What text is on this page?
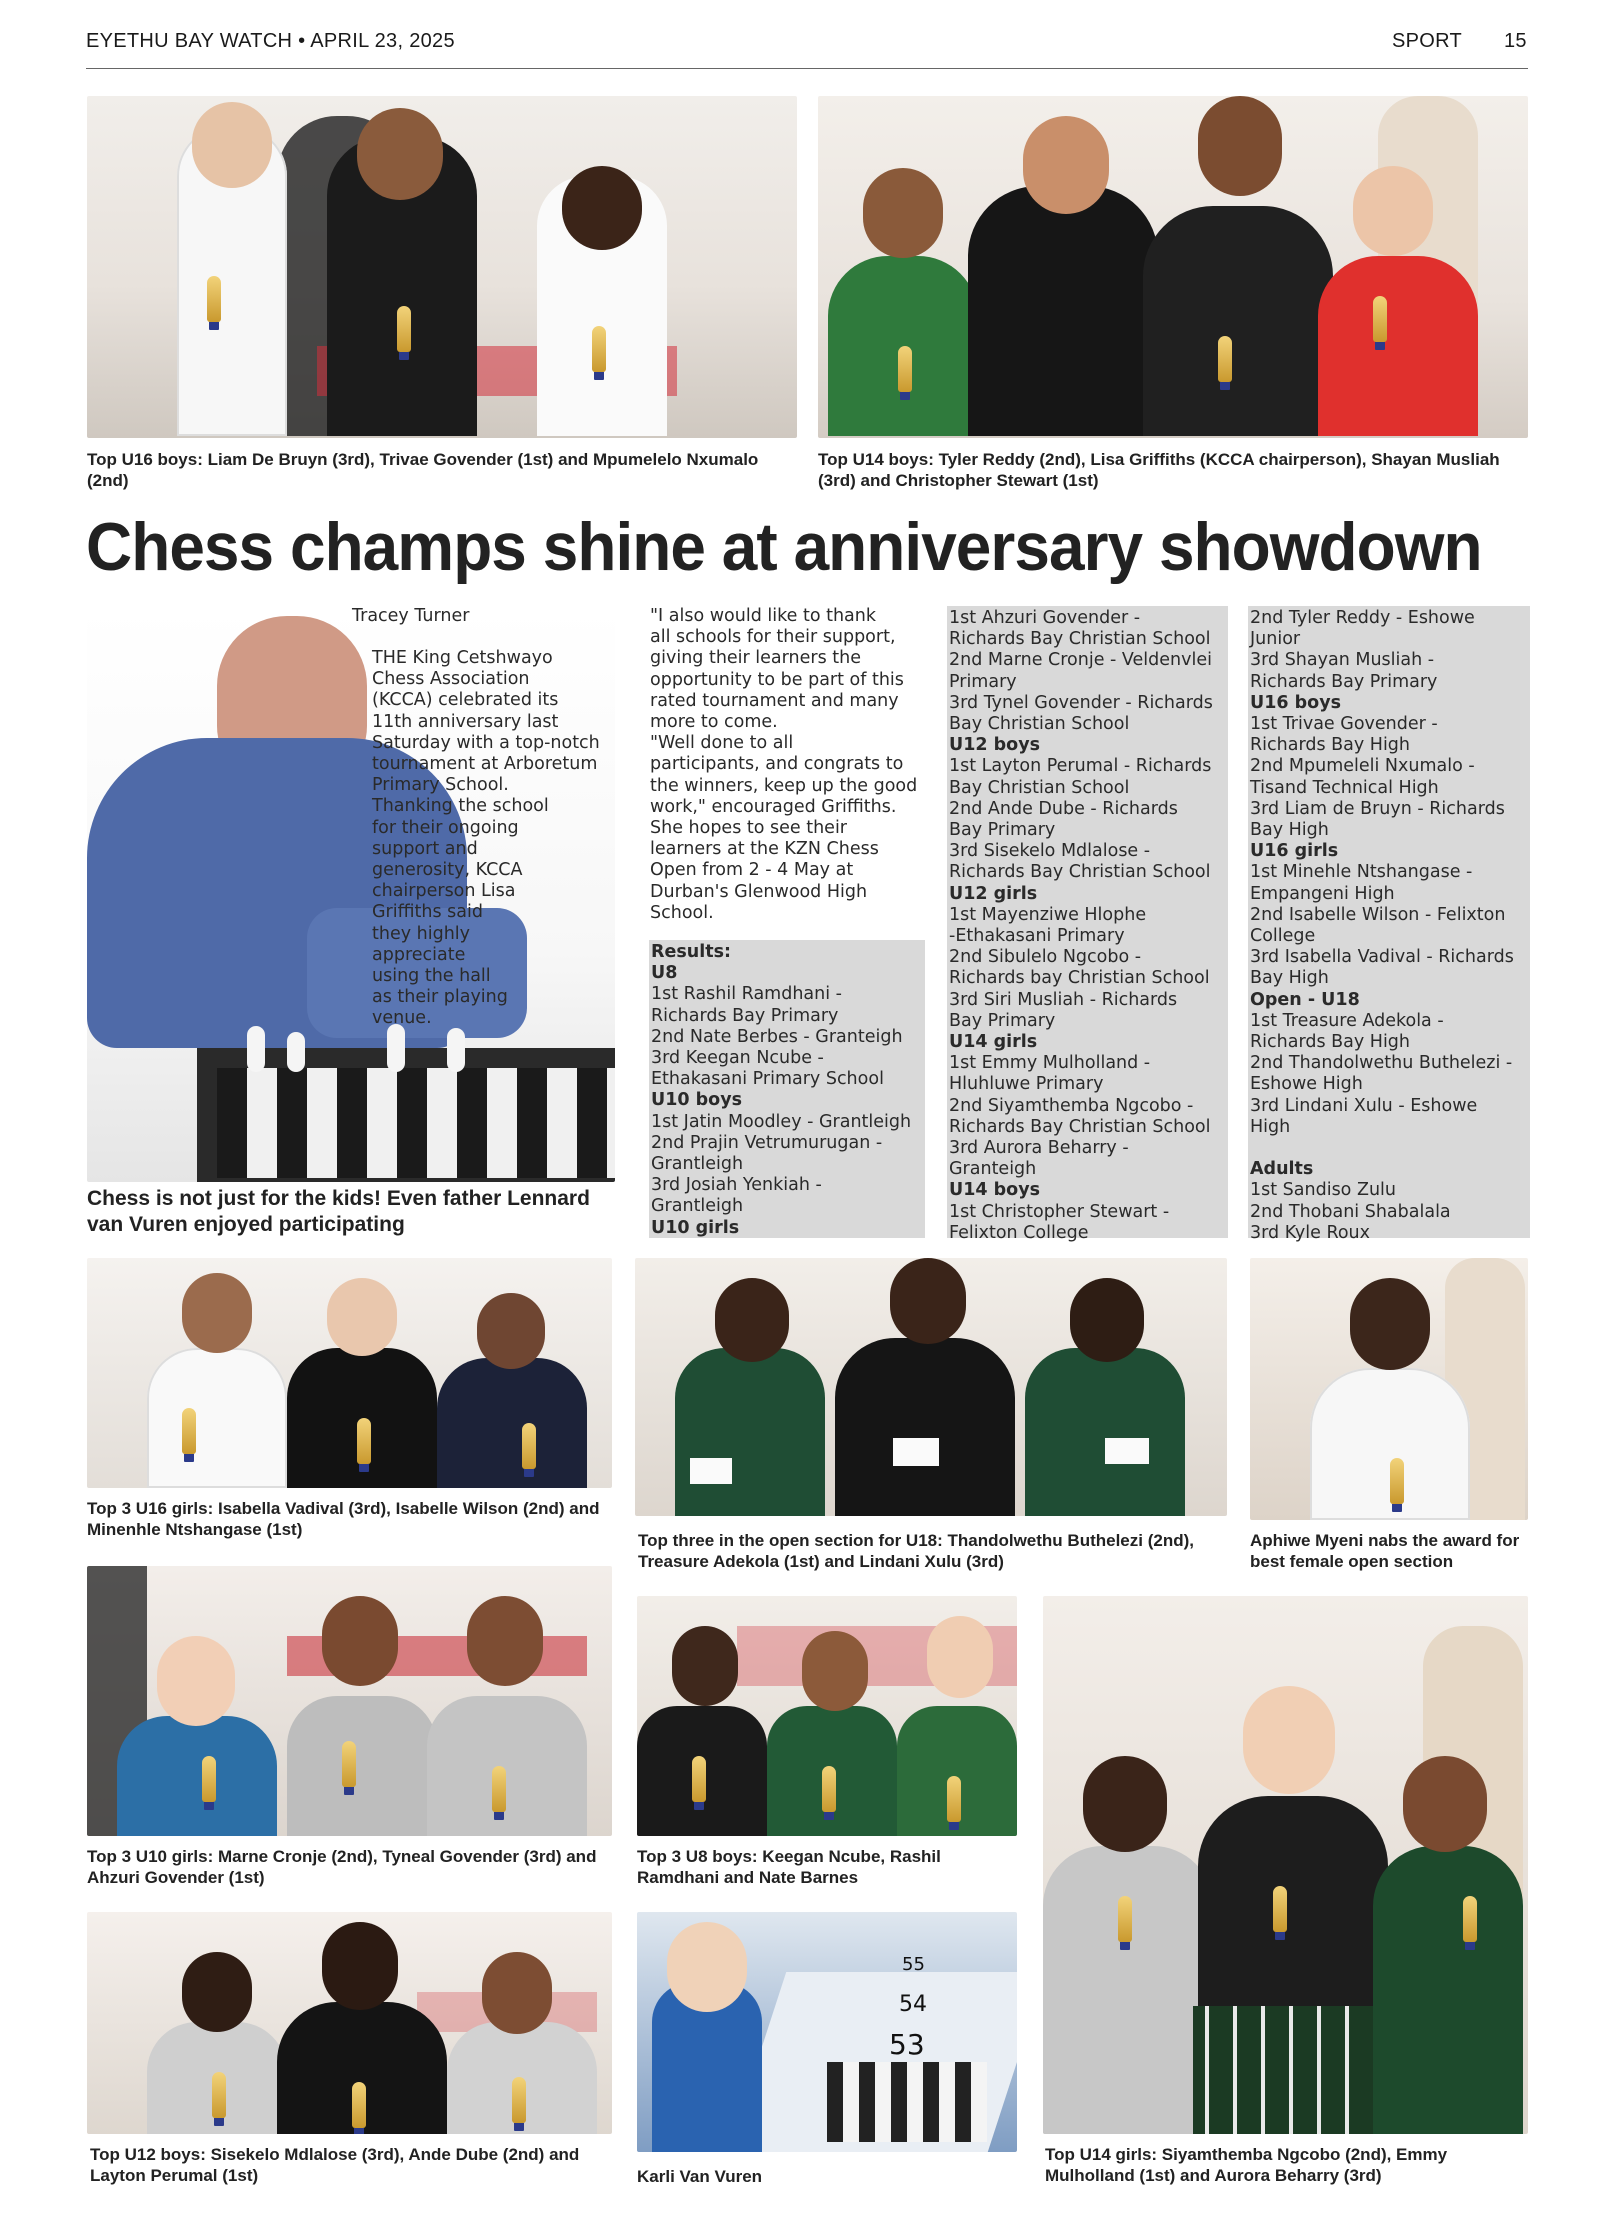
EYETHU BAY WATCH • APRIL 23, 2025	SPORT 15
Top U16 boys: Liam De Bruyn (3rd), Trivae Govender (1st) and Mpumelelo Nxumalo (2nd)
Top U14 boys: Tyler Reddy (2nd), Lisa Griffiths (KCCA chairperson), Shayan Musliah (3rd) and Christopher Stewart (1st)
Chess champs shine at anniversary showdown
Chess is not just for the kids! Even father Lennard van Vuren enjoyed participating
Tracey Turner
THE King Cetshwayo
Chess Association
(KCCA) celebrated its
11th anniversary last
Saturday with a top-notch
tournament at Arboretum
Primary School.
Thanking the school
for their ongoing
support and
generosity, KCCA
chairperson Lisa
Griffiths said
they highly
appreciate
using the hall
as their playing
venue.
"I also would like to thank
all schools for their support,
giving their learners the
opportunity to be part of this
rated tournament and many
more to come.
"Well done to all
participants, and congrats to
the winners, keep up the good
work," encouraged Griffiths.
She hopes to see their
learners at the KZN Chess
Open from 2 - 4 May at
Durban's Glenwood High
School.
Results:
U8
1st Rashil Ramdhani -
Richards Bay Primary
2nd Nate Berbes - Granteigh
3rd Keegan Ncube -
Ethakasani Primary School
U10 boys
1st Jatin Moodley - Grantleigh
2nd Prajin Vetrumurugan -
Grantleigh
3rd Josiah Yenkiah -
Grantleigh
U10 girls
1st Ahzuri Govender -
Richards Bay Christian School
2nd Marne Cronje - Veldenvlei
Primary
3rd Tynel Govender - Richards
Bay Christian School
U12 boys
1st Layton Perumal - Richards
Bay Christian School
2nd Ande Dube - Richards
Bay Primary
3rd Sisekelo Mdlalose -
Richards Bay Christian School
U12 girls
1st Mayenziwe Hlophe
-Ethakasani Primary
2nd Sibulelo Ngcobo -
Richards bay Christian School
3rd Siri Musliah - Richards
Bay Primary
U14 girls
1st Emmy Mulholland -
Hluhluwe Primary
2nd Siyamthemba Ngcobo -
Richards Bay Christian School
3rd Aurora Beharry -
Granteigh
U14 boys
1st Christopher Stewart -
Felixton College
2nd Tyler Reddy - Eshowe
Junior
3rd Shayan Musliah -
Richards Bay Primary
U16 boys
1st Trivae Govender -
Richards Bay High
2nd Mpumeleli Nxumalo -
Tisand Technical High
3rd Liam de Bruyn - Richards
Bay High
U16 girls
1st Minehle Ntshangase -
Empangeni High
2nd Isabelle Wilson - Felixton
College
3rd Isabella Vadival - Richards
Bay High
Open - U18
1st Treasure Adekola -
Richards Bay High
2nd Thandolwethu Buthelezi -
Eshowe High
3rd Lindani Xulu - Eshowe
High

Adults
1st Sandiso Zulu
2nd Thobani Shabalala
3rd Kyle Roux
Top 3 U16 girls: Isabella Vadival (3rd), Isabelle Wilson (2nd) and Minenhle Ntshangase (1st)
Top three in the open section for U18: Thandolwethu Buthelezi (2nd), Treasure Adekola (1st) and Lindani Xulu (3rd)
Aphiwe Myeni nabs the award for best female open section
Top 3 U10 girls: Marne Cronje (2nd), Tyneal Govender (3rd) and Ahzuri Govender (1st)
Top 3 U8 boys: Keegan Ncube, Rashil Ramdhani and Nate Barnes
Top U14 girls: Siyamthemba Ngcobo (2nd), Emmy Mulholland (1st) and Aurora Beharry (3rd)
Top U12 boys: Sisekelo Mdlalose (3rd), Ande Dube (2nd) and Layton Perumal (1st)
55
54
53
Karli Van Vuren
